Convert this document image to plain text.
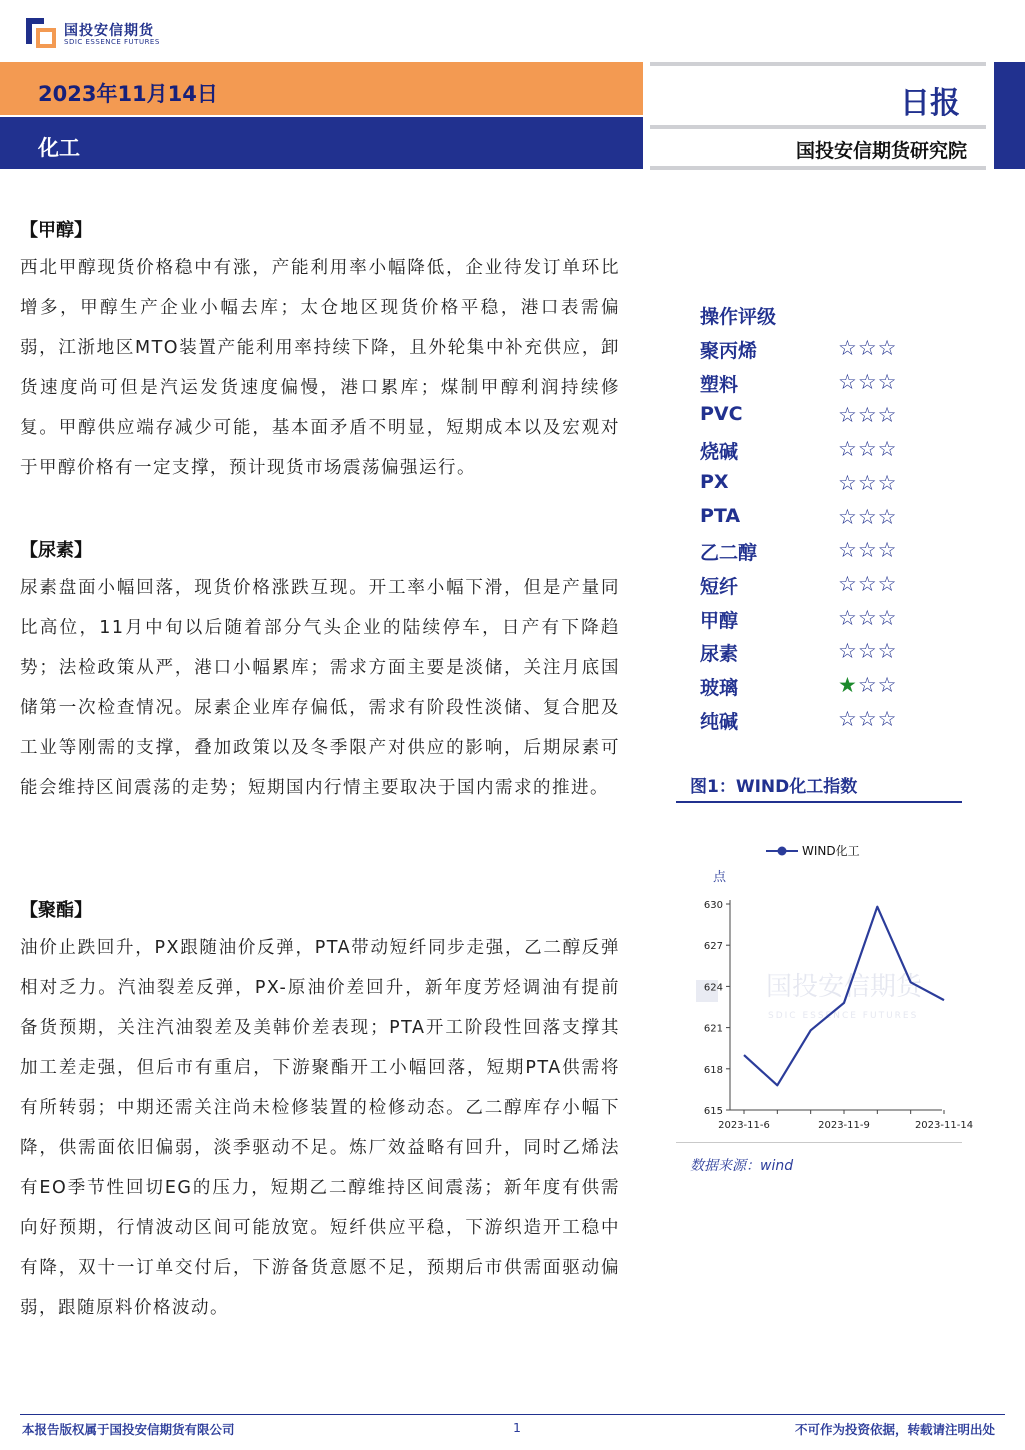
国投安信期货
SDIC ESSENCE FUTURES
2023年11月14日
化工
日报
国投安信期货研究院
【甲醇】
西北甲醇现货价格稳中有涨，产能利用率小幅降低，企业待发订单环比增多，甲醇生产企业小幅去库；太仓地区现货价格平稳，港口表需偏弱，江浙地区MTO装置产能利用率持续下降，且外轮集中补充供应，卸货速度尚可但是汽运发货速度偏慢，港口累库；煤制甲醇利润持续修复。甲醇供应端存减少可能，基本面矛盾不明显，短期成本以及宏观对于甲醇价格有一定支撑，预计现货市场震荡偏强运行。
【尿素】
尿素盘面小幅回落，现货价格涨跌互现。开工率小幅下滑，但是产量同比高位，11月中旬以后随着部分气头企业的陆续停车，日产有下降趋势；法检政策从严，港口小幅累库；需求方面主要是淡储，关注月底国储第一次检查情况。尿素企业库存偏低，需求有阶段性淡储、复合肥及工业等刚需的支撑，叠加政策以及冬季限产对供应的影响，后期尿素可能会维持区间震荡的走势；短期国内行情主要取决于国内需求的推进。
【聚酯】
油价止跌回升，PX跟随油价反弹，PTA带动短纤同步走强，乙二醇反弹相对乏力。汽油裂差反弹，PX-原油价差回升，新年度芳烃调油有提前备货预期，关注汽油裂差及美韩价差表现；PTA开工阶段性回落支撑其加工差走强，但后市有重启，下游聚酯开工小幅回落，短期PTA供需将有所转弱；中期还需关注尚未检修装置的检修动态。乙二醇库存小幅下降，供需面依旧偏弱，淡季驱动不足。炼厂效益略有回升，同时乙烯法有EO季节性回切EG的压力，短期乙二醇维持区间震荡；新年度有供需向好预期，行情波动区间可能放宽。短纤供应平稳，下游织造开工稳中有降，双十一订单交付后，下游备货意愿不足，预期后市供需面驱动偏弱，跟随原料价格波动。
操作评级
聚丙烯	☆☆☆
塑料	☆☆☆
PVC	☆☆☆
烧碱	☆☆☆
PX	☆☆☆
PTA	☆☆☆
乙二醇	☆☆☆
短纤	☆☆☆
甲醇	☆☆☆
尿素	☆☆☆
玻璃	★☆☆
纯碱	☆☆☆
图1：WIND化工指数
国投安信期货
SDIC ESSENCE FUTURES
WIND化工
点
615
618
621
624
627
630
2023-11-6	2023-11-9	2023-11-14
数据来源：wind
本报告版权属于国投安信期货有限公司	1	不可作为投资依据，转载请注明出处
